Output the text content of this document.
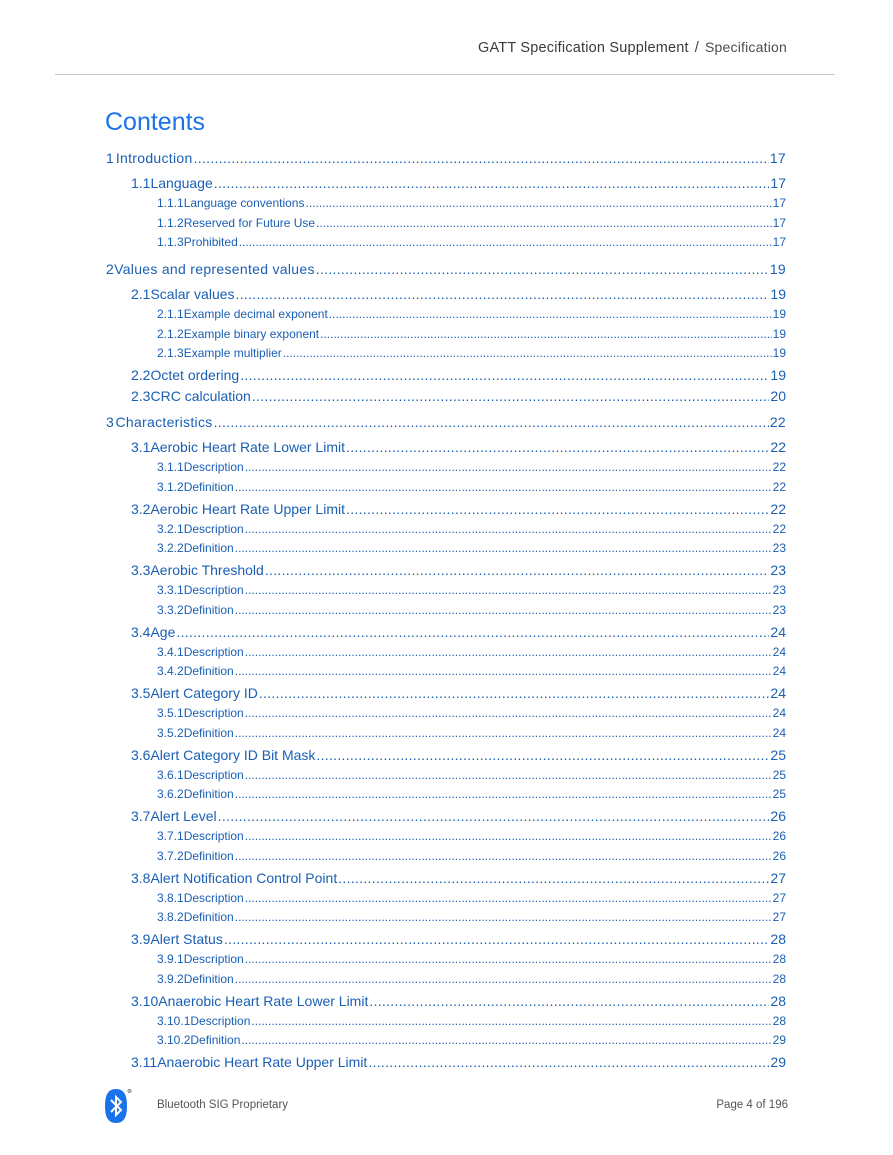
GATT Specification Supplement / Specification
Contents
1 Introduction .....	17
1.1 Language .....	17
1.1.1 Language conventions .....	17
1.1.2 Reserved for Future Use .....	17
1.1.3 Prohibited .....	17
2 Values and represented values .....	19
2.1 Scalar values .....	19
2.1.1 Example decimal exponent .....	19
2.1.2 Example binary exponent .....	19
2.1.3 Example multiplier .....	19
2.2 Octet ordering .....	19
2.3 CRC calculation .....	20
3 Characteristics .....	22
3.1 Aerobic Heart Rate Lower Limit .....	22
3.1.1 Description .....	22
3.1.2 Definition .....	22
3.2 Aerobic Heart Rate Upper Limit .....	22
3.2.1 Description .....	22
3.2.2 Definition .....	23
3.3 Aerobic Threshold .....	23
3.3.1 Description .....	23
3.3.2 Definition .....	23
3.4 Age .....	24
3.4.1 Description .....	24
3.4.2 Definition .....	24
3.5 Alert Category ID .....	24
3.5.1 Description .....	24
3.5.2 Definition .....	24
3.6 Alert Category ID Bit Mask .....	25
3.6.1 Description .....	25
3.6.2 Definition .....	25
3.7 Alert Level .....	26
3.7.1 Description .....	26
3.7.2 Definition .....	26
3.8 Alert Notification Control Point .....	27
3.8.1 Description .....	27
3.8.2 Definition .....	27
3.9 Alert Status .....	28
3.9.1 Description .....	28
3.9.2 Definition .....	28
3.10 Anaerobic Heart Rate Lower Limit .....	28
3.10.1 Description .....	28
3.10.2 Definition .....	29
3.11 Anaerobic Heart Rate Upper Limit .....	29
R
Bluetooth SIG Proprietary	Page 4 of 196
